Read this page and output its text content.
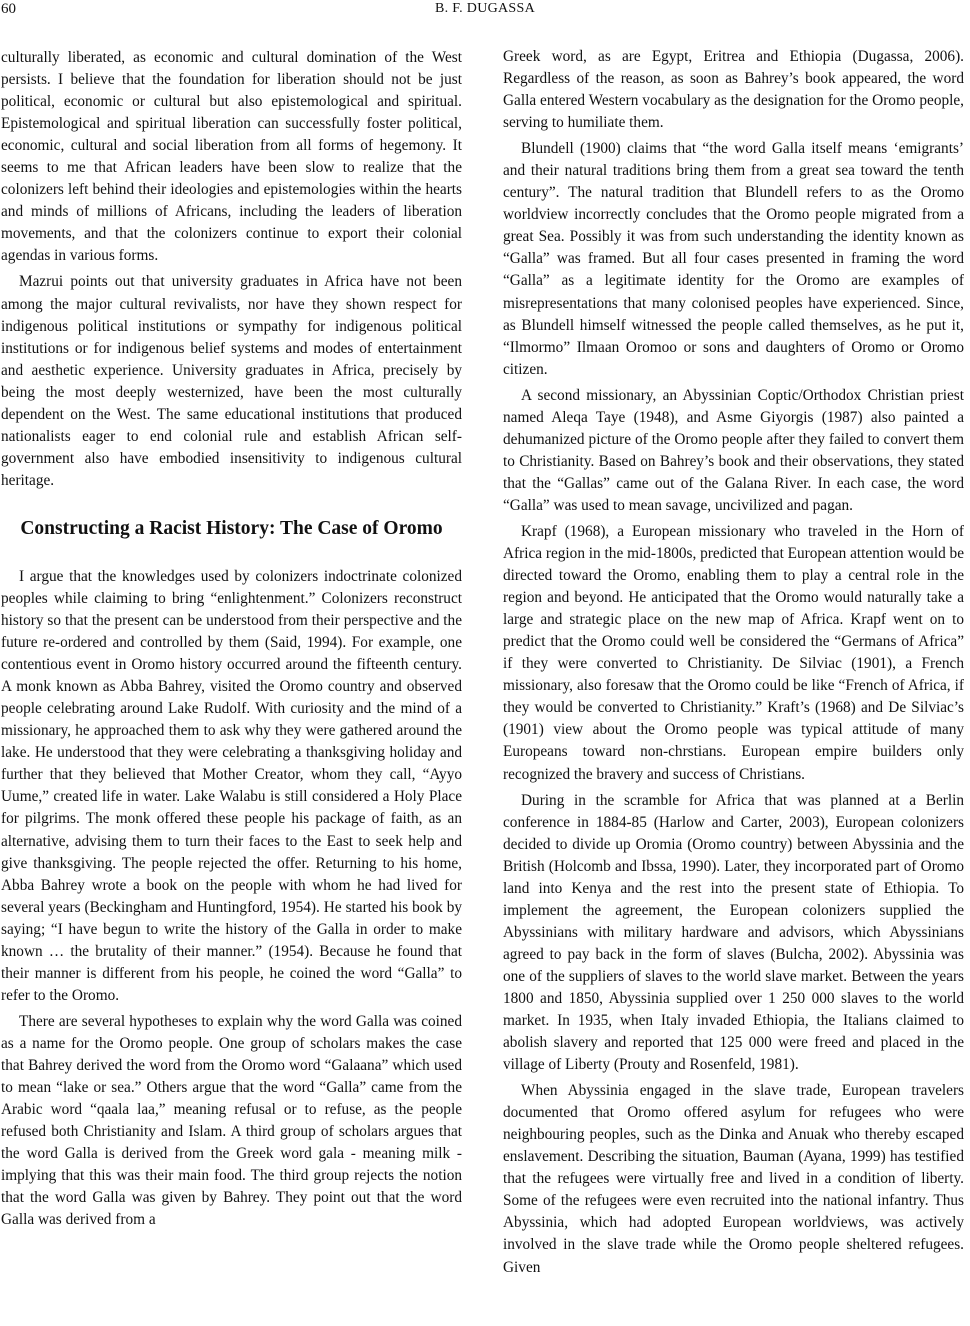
60	B. F. DUGASSA

culturally liberated, as economic and cultural domination of the West persists. I believe that the foundation for liberation should not be just political, economic or cultural but also epistemological and spiritual. Epistemological and spiritual liberation can successfully foster political, economic, cultural and social liberation from all forms of hegemony. It seems to me that African leaders have been slow to realize that the colonizers left behind their ideologies and epistemologies within the hearts and minds of millions of Africans, including the leaders of liberation movements, and that the colonizers continue to export their colonial agendas in various forms.

Mazrui points out that university graduates in Africa have not been among the major cultural revivalists, nor have they shown respect for indigenous political institutions or sympathy for indigenous political institutions or for indigenous belief systems and modes of entertainment and aesthetic experience. University graduates in Africa, precisely by being the most deeply westernized, have been the most culturally dependent on the West. The same educational institutions that produced nationalists eager to end colonial rule and establish African self-government also have embodied insensitivity to indigenous cultural heritage.

Constructing a Racist History: The Case of Oromo

I argue that the knowledges used by colonizers indoctrinate colonized peoples while claiming to bring “enlightenment.” Colonizers reconstruct history so that the present can be understood from their perspective and the future re-ordered and controlled by them (Said, 1994). For example, one contentious event in Oromo history occurred around the fifteenth century. A monk known as Abba Bahrey, visited the Oromo country and observed people celebrating around Lake Rudolf. With curiosity and the mind of a missionary, he approached them to ask why they were gathered around the lake. He understood that they were celebrating a thanksgiving holiday and further that they believed that Mother Creator, whom they call, “Ayyo Uume,” created life in water. Lake Walabu is still considered a Holy Place for pilgrims. The monk offered these people his package of faith, as an alternative, advising them to turn their faces to the East to seek help and give thanksgiving. The people rejected the offer. Returning to his home, Abba Bahrey wrote a book on the people with whom he had lived for several years (Beckingham and Huntingford, 1954). He started his book by saying; “I have begun to write the history of the Galla in order to make known … the brutality of their manner.” (1954). Because he found that their manner is different from his people, he coined the word “Galla” to refer to the Oromo.

There are several hypotheses to explain why the word Galla was coined as a name for the Oromo people. One group of scholars makes the case that Bahrey derived the word from the Oromo word “Galaana” which used to mean “lake or sea.” Others argue that the word “Galla” came from the Arabic word “qaala laa,” meaning refusal or to refuse, as the people refused both Christianity and Islam. A third group of scholars argues that the word Galla is derived from the Greek word gala - meaning milk - implying that this was their main food. The third group rejects the notion that the word Galla was given by Bahrey. They point out that the word Galla was derived from a

Greek word, as are Egypt, Eritrea and Ethiopia (Dugassa, 2006). Regardless of the reason, as soon as Bahrey’s book appeared, the word Galla entered Western vocabulary as the designation for the Oromo people, serving to humiliate them.

Blundell (1900) claims that “the word Galla itself means ‘emigrants’ and their natural traditions bring them from a great sea toward the tenth century”. The natural tradition that Blundell refers to as the Oromo worldview incorrectly concludes that the Oromo people migrated from a great Sea. Possibly it was from such understanding the identity known as “Galla” was framed. But all four cases presented in framing the word “Galla” as a legitimate identity for the Oromo are examples of misrepresentations that many colonised peoples have experienced. Since, as Blundell himself witnessed the people called themselves, as he put it, “Ilmormo” Ilmaan Oromoo or sons and daughters of Oromo or Oromo citizen.

A second missionary, an Abyssinian Coptic/Orthodox Christian priest named Aleqa Taye (1948), and Asme Giyorgis (1987) also painted a dehumanized picture of the Oromo people after they failed to convert them to Christianity. Based on Bahrey’s book and their observations, they stated that the “Gallas” came out of the Galana River. In each case, the word “Galla” was used to mean savage, uncivilized and pagan.

Krapf (1968), a European missionary who traveled in the Horn of Africa region in the mid-1800s, predicted that European attention would be directed toward the Oromo, enabling them to play a central role in the region and beyond. He anticipated that the Oromo would naturally take a large and strategic place on the new map of Africa. Krapf went on to predict that the Oromo could well be considered the “Germans of Africa” if they were converted to Christianity. De Silviac (1901), a French missionary, also foresaw that the Oromo could be like “French of Africa, if they would be converted to Christianity.” Kraft’s (1968) and De Silviac’s (1901) view about the Oromo people was typical attitude of many Europeans toward non-chrstians. European empire builders only recognized the bravery and success of Christians.

During in the scramble for Africa that was planned at a Berlin conference in 1884-85 (Harlow and Carter, 2003), European colonizers decided to divide up Oromia (Oromo country) between Abyssinia and the British (Holcomb and Ibssa, 1990). Later, they incorporated part of Oromo land into Kenya and the rest into the present state of Ethiopia. To implement the agreement, the European colonizers supplied the Abyssinians with military hardware and advisors, which Abyssinians agreed to pay back in the form of slaves (Bulcha, 2002). Abyssinia was one of the suppliers of slaves to the world slave market. Between the years 1800 and 1850, Abyssinia supplied over 1 250 000 slaves to the world market. In 1935, when Italy invaded Ethiopia, the Italians claimed to abolish slavery and reported that 125 000 were freed and placed in the village of Liberty (Prouty and Rosenfeld, 1981).

When Abyssinia engaged in the slave trade, European travelers documented that Oromo offered asylum for refugees who were neighbouring peoples, such as the Dinka and Anuak who thereby escaped enslavement. Describing the situation, Bauman (Ayana, 1999) has testified that the refugees were virtually free and lived in a condition of liberty. Some of the refugees were even recruited into the national infantry. Thus Abyssinia, which had adopted European worldviews, was actively involved in the slave trade while the Oromo people sheltered refugees. Given
